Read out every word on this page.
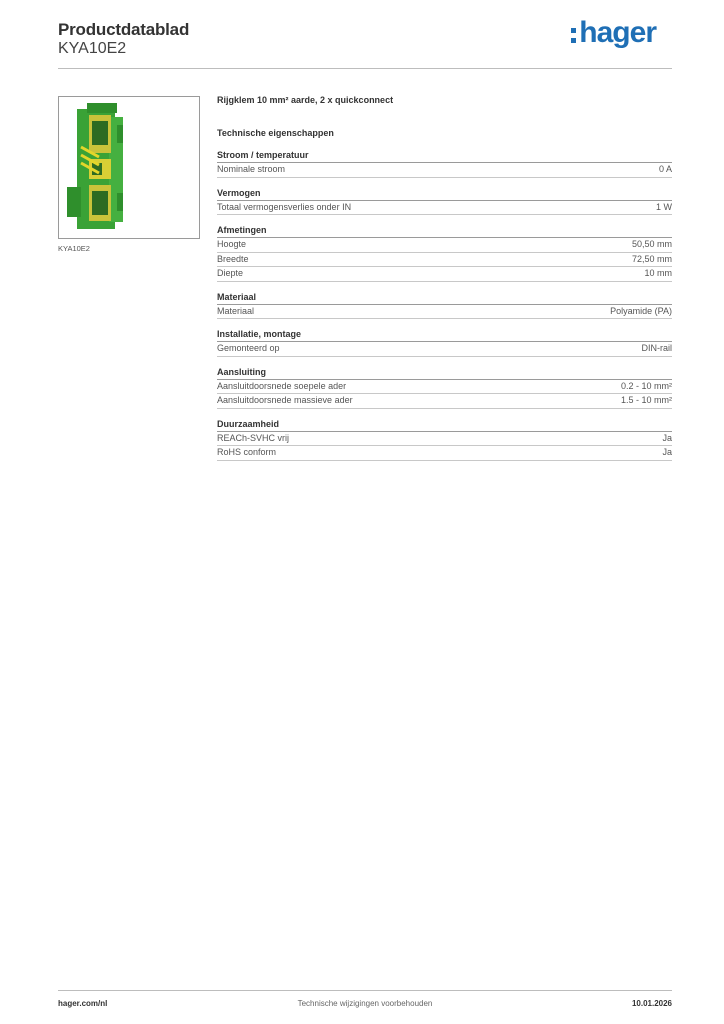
Productdatablad
KYA10E2	hager
KYA10E2
Rijgklem 10 mm² aarde, 2 x quickconnect
Technische eigenschappen
Stroom / temperatuur
Nominale stroom	0 A
Vermogen
Totaal vermogensverlies onder IN	1 W
Afmetingen
Hoogte	50,50 mm
Breedte	72,50 mm
Diepte	10 mm
Materiaal
Materiaal	Polyamide (PA)
Installatie, montage
Gemonteerd op	DIN-rail
Aansluiting
Aansluitdoorsnede soepele ader	0.2 - 10 mm²
Aansluitdoorsnede massieve ader	1.5 - 10 mm²
Duurzaamheid
REACh-SVHC vrij	Ja
RoHS conform	Ja
hager.com/nl	Technische wijzigingen voorbehouden	10.01.2026
